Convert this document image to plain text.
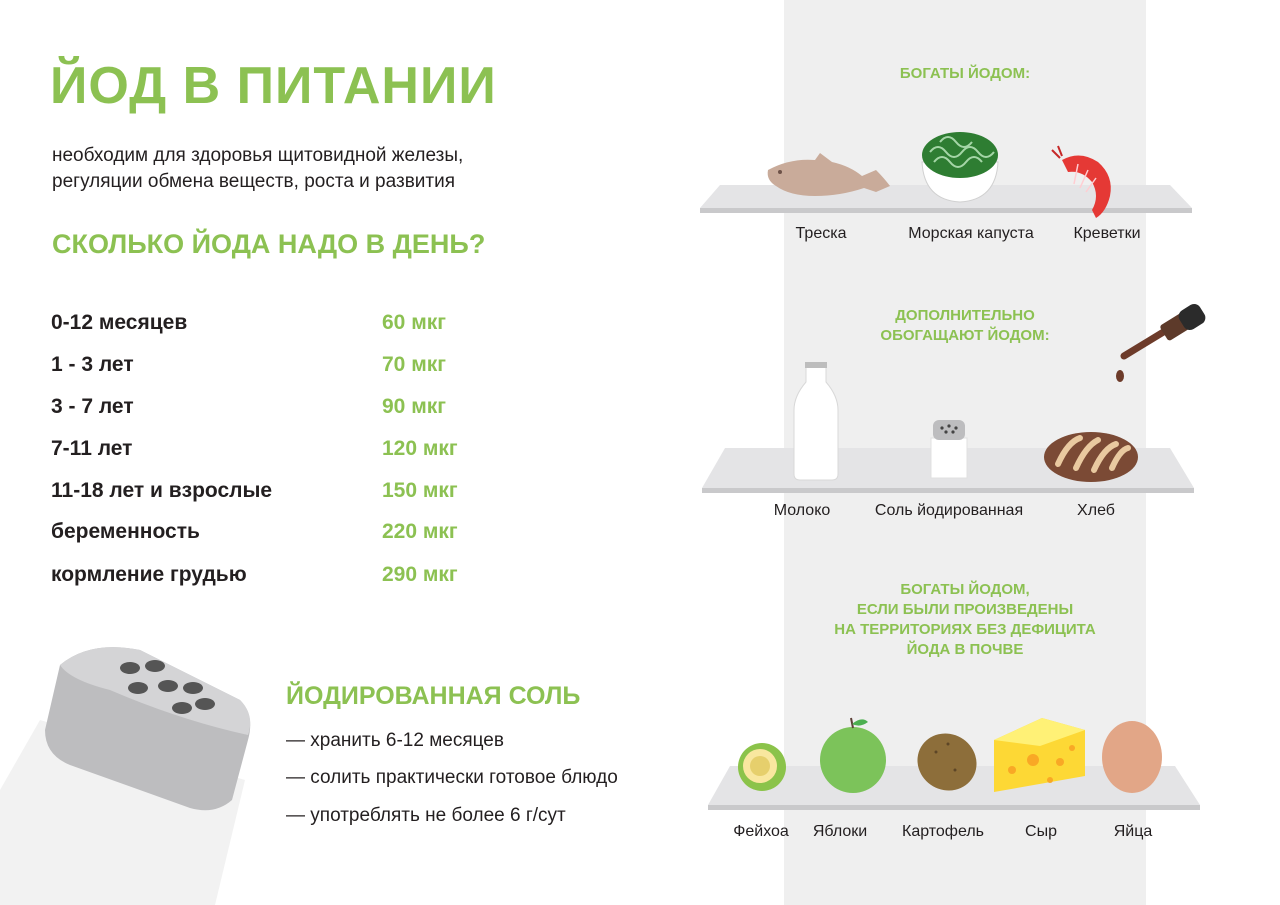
ЙОД В ПИТАНИИ
необходим для здоровья щитовидной железы,
регуляции обмена веществ, роста и развития
СКОЛЬКО ЙОДА НАДО В ДЕНЬ?
0-12 месяцев	60 мкг
1 - 3 лет	70 мкг
3 - 7 лет	90 мкг
7-11 лет	120 мкг
11-18 лет и взрослые	150 мкг
беременность	220 мкг
кормление грудью	290 мкг
ЙОДИРОВАННАЯ СОЛЬ
— хранить 6-12 месяцев
— солить практически готовое блюдо
— употреблять не более 6 г/сут
БОГАТЫ ЙОДОМ:
Треска	Морская капуста Креветки
ДОПОЛНИТЕЛЬНО
ОБОГАЩАЮТ ЙОДОМ:
Молоко	Соль йодированная	Хлеб
БОГАТЫ ЙОДОМ,
ЕСЛИ БЫЛИ ПРОИЗВЕДЕНЫ
НА ТЕРРИТОРИЯХ БЕЗ ДЕФИЦИТА
ЙОДА В ПОЧВЕ
Фейхоа Яблоки Картофель	Сыр	Яйца
